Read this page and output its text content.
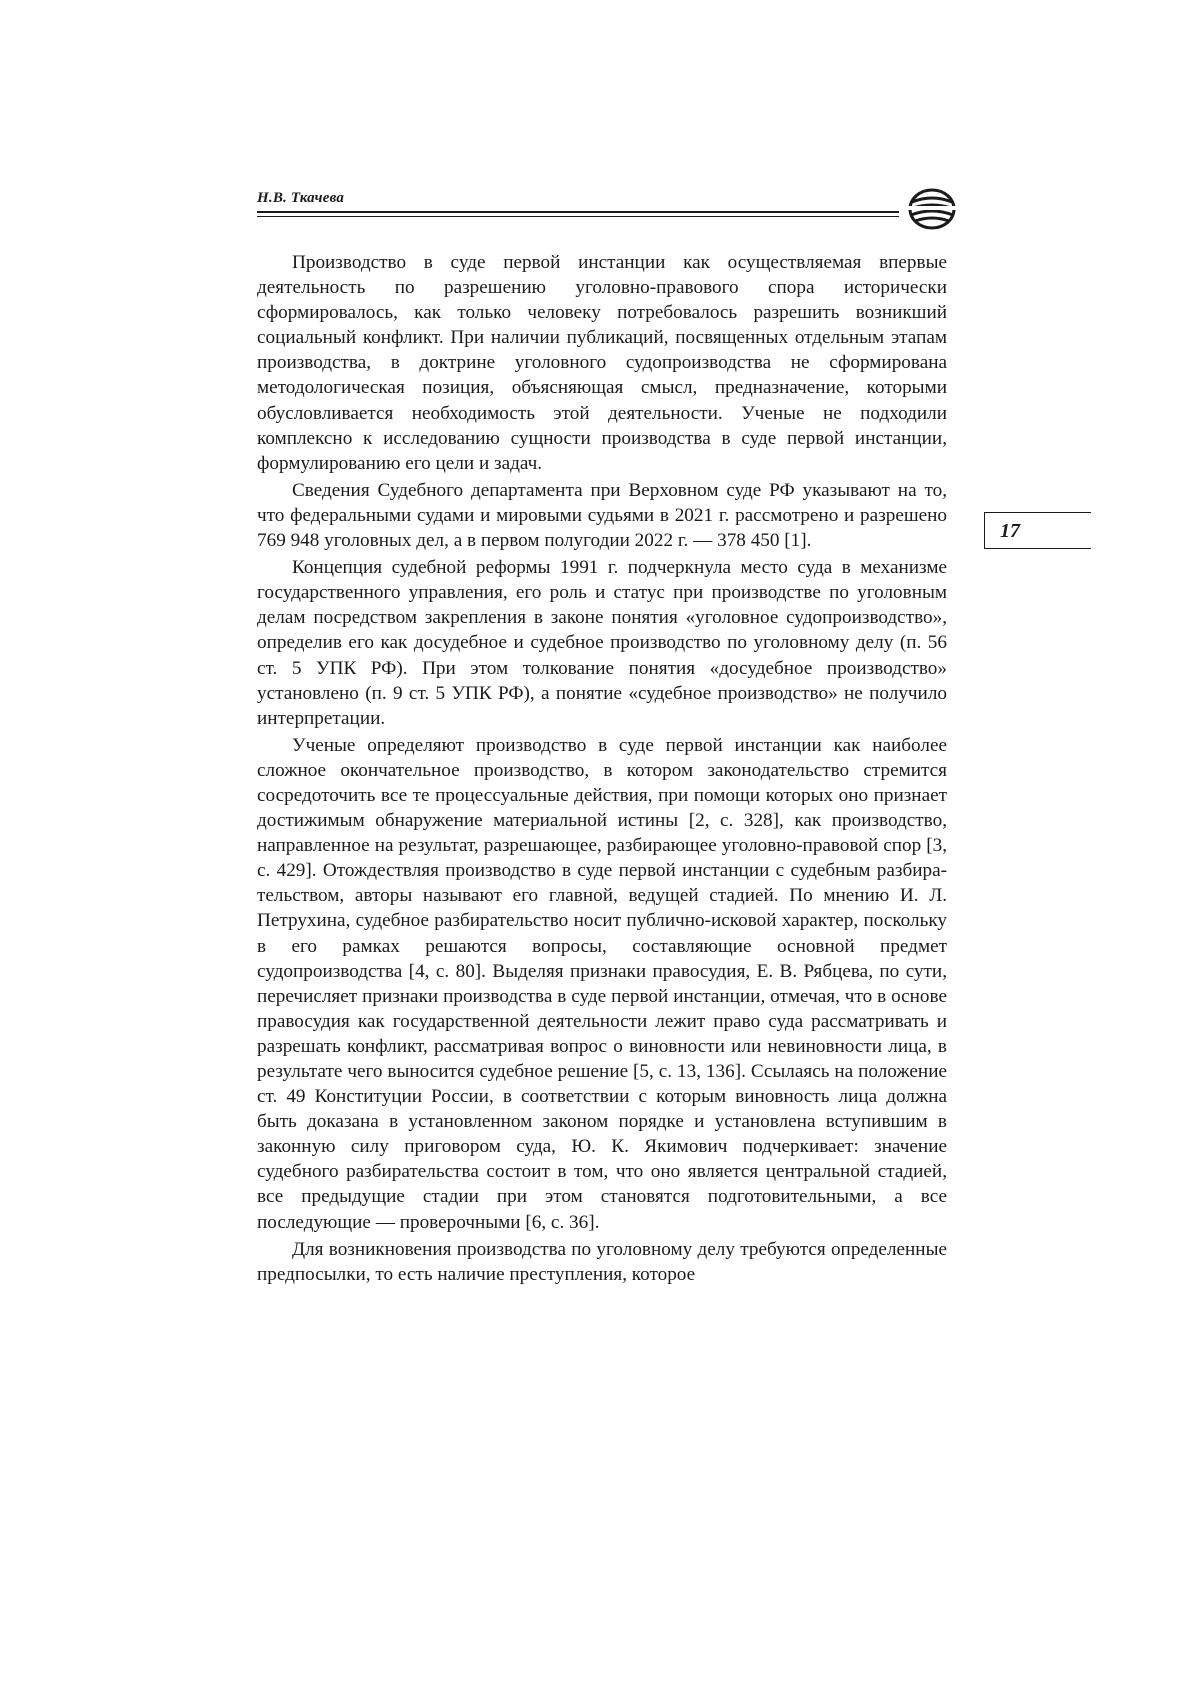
Н.В. Ткачева
17

Производство в суде первой инстанции как осуществляемая впервые деятельность по разрешению уголовно-правового спора исторически сформировалось, как только человеку потребовалось разрешить возникший социальный конфликт. При наличии публикаций, посвященных отдельным этапам производства, в доктрине уголовного судопроизводства не сформирована методологическая позиция, объясняющая смысл, предназначение, которыми обусловливается необходимость этой деятельности. Ученые не подходили комплексно к исследованию сущности производства в суде первой инстанции, формулированию его цели и задач.

Сведения Судебного департамента при Верховном суде РФ указывают на то, что федеральными судами и мировыми судьями в 2021 г. рассмотрено и разрешено 769 948 уголовных дел, а в первом полугодии 2022 г. — 378 450 [1].

Концепция судебной реформы 1991 г. подчеркнула место суда в механизме государственного управления, его роль и статус при производстве по уголовным делам посредством закрепления в законе понятия «уголовное судопроизводство», определив его как досудебное и судебное производство по уголовному делу (п. 56 ст. 5 УПК РФ). При этом толкование понятия «досудебное производство» установлено (п. 9 ст. 5 УПК РФ), а понятие «судебное производство» не получило интерпретации.

Ученые определяют производство в суде первой инстанции как наиболее сложное окончательное производство, в котором законодательство стремится сосредоточить все те процессуальные действия, при помощи которых оно признает достижимым обнаружение материальной истины [2, с. 328], как производство, направленное на результат, разрешающее, разбирающее уголовно-правовой спор [3, с. 429]. Отождествляя производство в суде первой инстанции с судебным разбирательством, авторы называют его главной, ведущей стадией. По мнению И. Л. Петрухина, судебное разбирательство носит публично-исковой характер, поскольку в его рамках решаются вопросы, составляющие основной предмет судопроизводства [4, с. 80]. Выделяя признаки правосудия, Е. В. Рябцева, по сути, перечисляет признаки производства в суде первой инстанции, отмечая, что в основе правосудия как государственной деятельности лежит право суда рассматривать и разрешать конфликт, рассматривая вопрос о виновности или невиновности лица, в результате чего выносится судебное решение [5, с. 13, 136]. Ссылаясь на положение ст. 49 Конституции России, в соответствии с которым виновность лица должна быть доказана в установленном законом порядке и установлена вступившим в законную силу приговором суда, Ю. К. Якимович подчеркивает: значение судебного разбирательства состоит в том, что оно является центральной стадией, все предыдущие стадии при этом становятся подготовительными, а все последующие — проверочными [6, с. 36].

Для возникновения производства по уголовному делу требуются определенные предпосылки, то есть наличие преступления, которое
